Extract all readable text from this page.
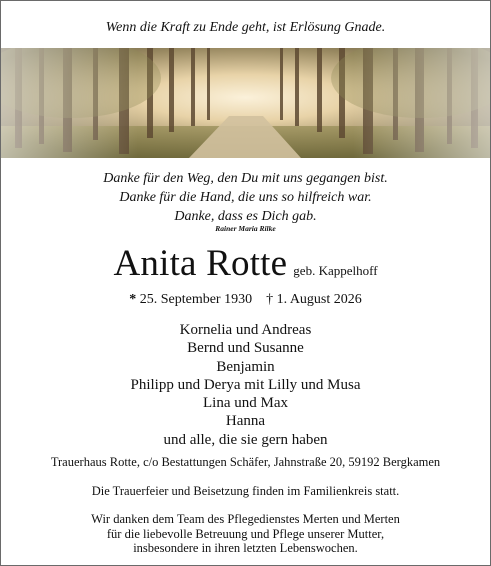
Wenn die Kraft zu Ende geht, ist Erlösung Gnade.
Danke für den Weg, den Du mit uns gegangen bist.
Danke für die Hand, die uns so hilfreich war.
Danke, dass es Dich gab.
Rainer Maria Rilke
Anita Rotte geb. Kappelhoff
* 25. September 1930 † 1. August 2026
Kornelia und Andreas
Bernd und Susanne
Benjamin
Philipp und Derya mit Lilly und Musa
Lina und Max
Hanna
und alle, die sie gern haben
Trauerhaus Rotte, c/o Bestattungen Schäfer, Jahnstraße 20, 59192 Bergkamen
Die Trauerfeier und Beisetzung finden im Familienkreis statt.
Wir danken dem Team des Pflegedienstes Merten und Merten
für die liebevolle Betreuung und Pflege unserer Mutter,
insbesondere in ihren letzten Lebenswochen.
